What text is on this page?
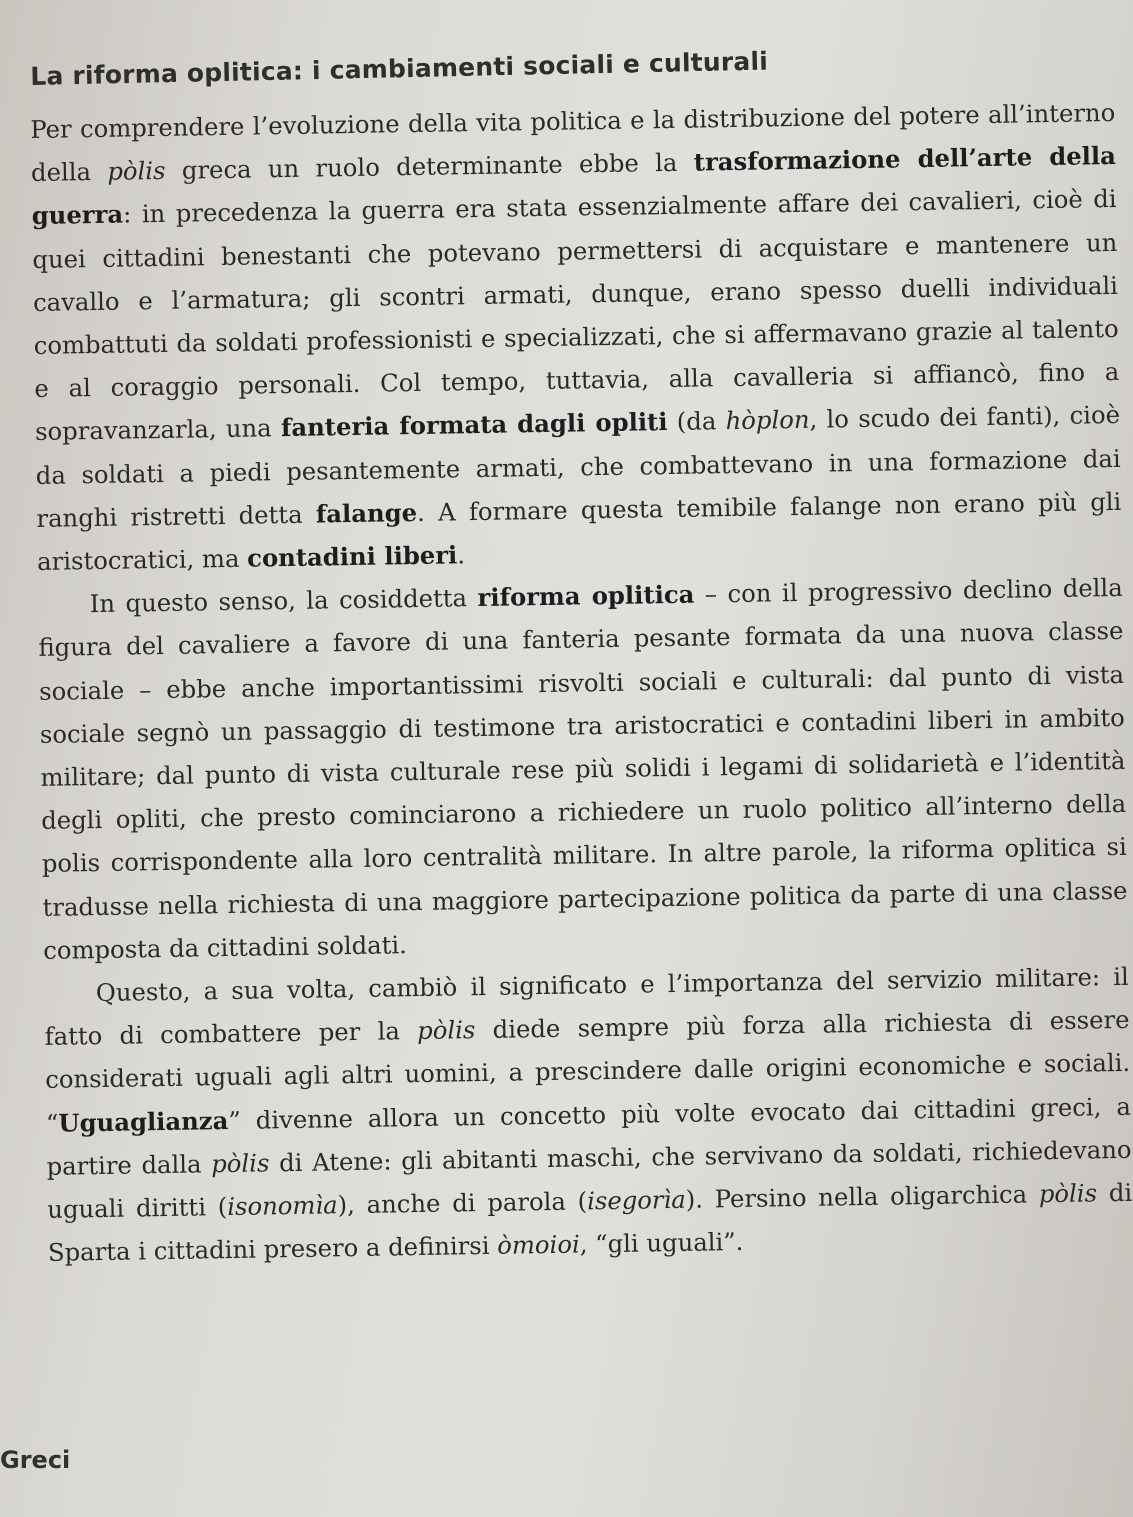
La riforma oplitica: i cambiamenti sociali e culturali

Per comprendere l’evoluzione della vita politica e la distribuzione del potere all’interno della pòlis greca un ruolo determinante ebbe la trasformazione dell’arte della guerra: in precedenza la guerra era stata essenzialmente affare dei cavalieri, cioè di quei cittadini benestanti che potevano permettersi di acquistare e mantenere un cavallo e l’armatura; gli scontri armati, dunque, erano spesso duelli individuali combattuti da soldati professionisti e specializzati, che si affermavano grazie al talento e al coraggio personali. Col tempo, tuttavia, alla cavalleria si affiancò, fino a sopravanzarla, una fanteria formata dagli opliti (da hòplon, lo scudo dei fanti), cioè da soldati a piedi pesantemente armati, che combattevano in una formazione dai ranghi ristretti detta falange. A formare questa temibile falange non erano più gli aristocratici, ma contadini liberi.

In questo senso, la cosiddetta riforma oplitica – con il progressivo declino della figura del cavaliere a favore di una fanteria pesante formata da una nuova classe sociale – ebbe anche importantissimi risvolti sociali e culturali: dal punto di vista sociale segnò un passaggio di testimone tra aristocratici e contadini liberi in ambito militare; dal punto di vista culturale rese più solidi i legami di solidarietà e l’identità degli opliti, che presto cominciarono a richiedere un ruolo politico all’interno della polis corrispondente alla loro centralità militare. In altre parole, la riforma oplitica si tradusse nella richiesta di una maggiore partecipazione politica da parte di una classe composta da cittadini soldati.

Questo, a sua volta, cambiò il significato e l’importanza del servizio militare: il fatto di combattere per la pòlis diede sempre più forza alla richiesta di essere considerati uguali agli altri uomini, a prescindere dalle origini economiche e sociali. “Uguaglianza” divenne allora un concetto più volte evocato dai cittadini greci, a partire dalla pòlis di Atene: gli abitanti maschi, che servivano da soldati, richiedevano uguali diritti (isonomìa), anche di parola (isegorìa). Persino nella oligarchica pòlis di Sparta i cittadini presero a definirsi òmoioi, “gli uguali”.

Greci
